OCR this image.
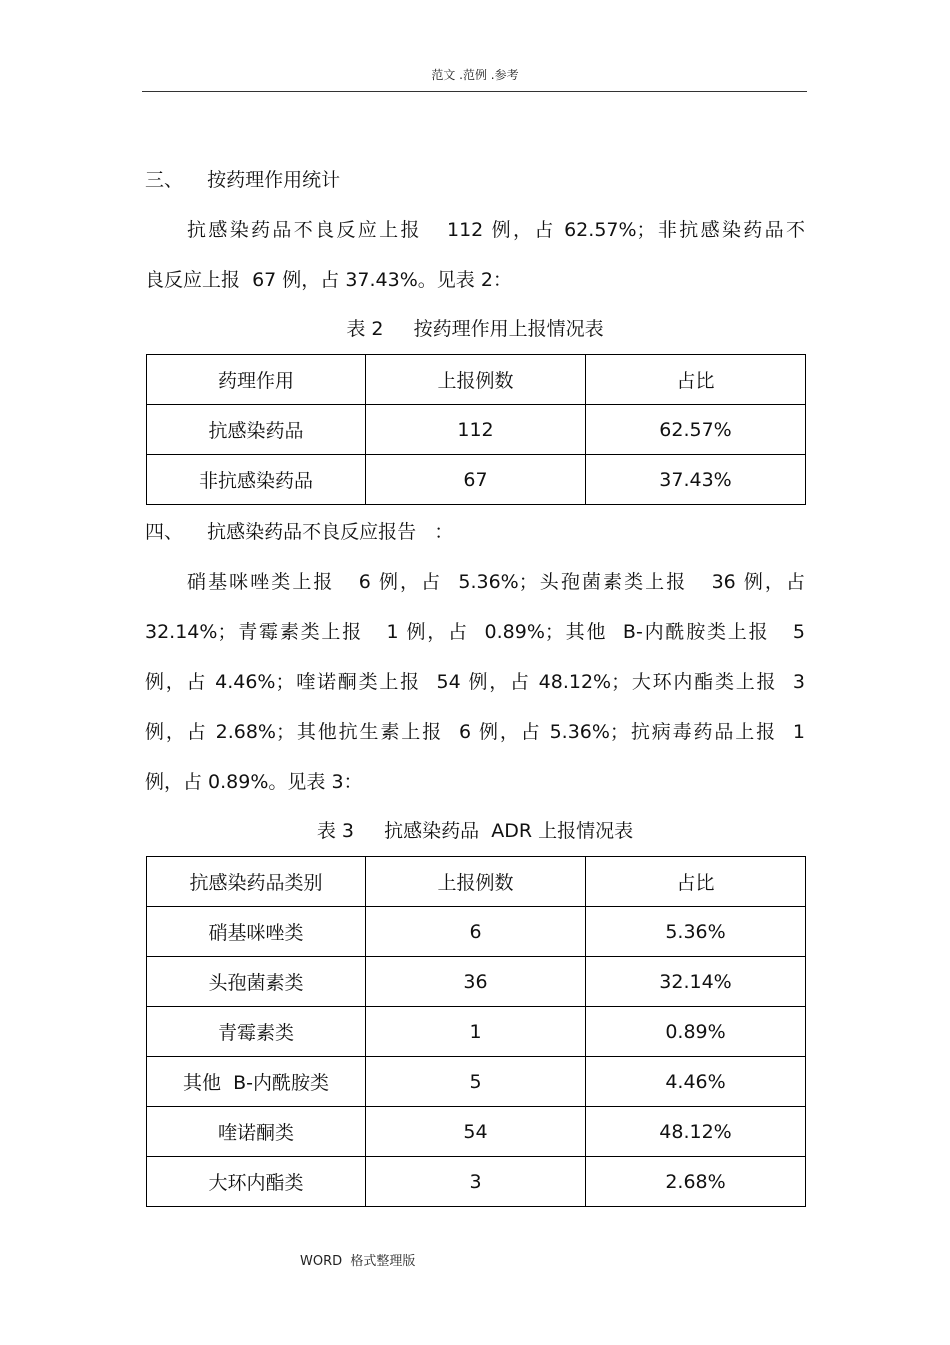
范文 .范例 .参考
三、    按药理作用统计
抗感染药品不良反应上报   112 例，占 62.57%；非抗感染药品不
良反应上报  67 例，占 37.43%。见表 2：
表 2     按药理作用上报情况表
药理作用	上报例数	占比
抗感染药品	112	62.57%
非抗感染药品	67	37.43%
四、    抗感染药品不良反应报告   ：
硝基咪唑类上报   6 例，占  5.36%；头孢菌素类上报   36 例，占
32.14%；青霉素类上报   1 例，占  0.89%；其他  B-内酰胺类上报   5
例，占 4.46%；喹诺酮类上报  54 例，占 48.12%；大环内酯类上报  3
例，占 2.68%；其他抗生素上报  6 例，占 5.36%；抗病毒药品上报  1
例，占 0.89%。见表 3：
表 3     抗感染药品  ADR 上报情况表
抗感染药品类别	上报例数	占比
硝基咪唑类	6	5.36%
头孢菌素类	36	32.14%
青霉素类	1	0.89%
其他  B-内酰胺类	5	4.46%
喹诺酮类	54	48.12%
大环内酯类	3	2.68%
WORD  格式整理版
